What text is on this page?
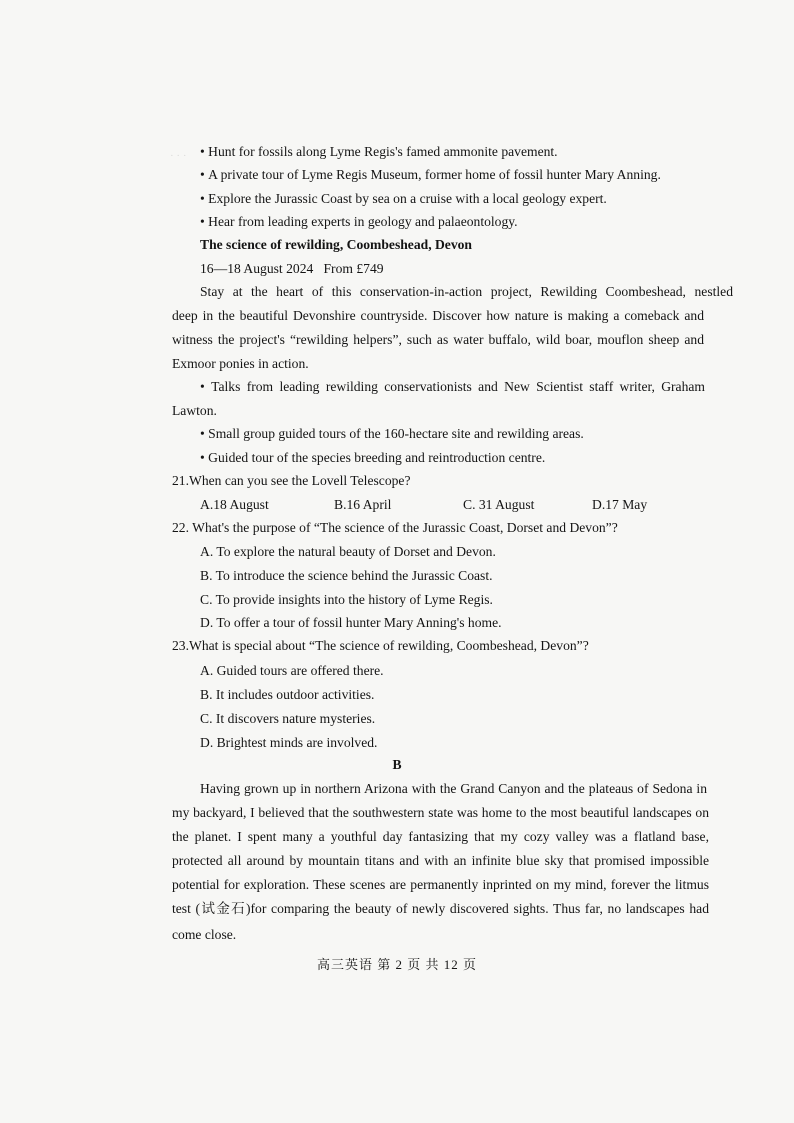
· · ·
•	Hunt for fossils along Lyme Regis's famed ammonite pavement.
• A private tour of Lyme Regis Museum, former home of fossil hunter Mary Anning.
• Explore the Jurassic Coast by sea on a cruise with a local geology expert.
• Hear from leading experts in geology and palaeontology.
The science of rewilding, Coombeshead, Devon
16—18 August 2024 From £749
Stay at the heart of this conservation-in-action project, Rewilding Coombeshead, nestled
deep in the beautiful Devonshire countryside. Discover how nature is making a comeback and
witness the project's “rewilding helpers”, such as water buffalo, wild boar, mouflon sheep and
Exmoor ponies in action.
• Talks from leading rewilding conservationists and New Scientist staff writer, Graham
Lawton.
• Small group guided tours of the 160-hectare site and rewilding areas.
• Guided tour of the species breeding and reintroduction centre.
21.When can you see the Lovell Telescope?
A.18 August	B.16 April	C. 31 August	D.17 May
22. What's the purpose of “The science of the Jurassic Coast, Dorset and Devon”?
A. To explore the natural beauty of Dorset and Devon.
B. To introduce the science behind the Jurassic Coast.
C. To provide insights into the history of Lyme Regis.
D. To offer a tour of fossil hunter Mary Anning's home.
23.What is special about “The science of rewilding, Coombeshead, Devon”?
A. Guided tours are offered there.
B. It includes outdoor activities.
C. It discovers nature mysteries.
D. Brightest minds are involved.
B
Having grown up in northern Arizona with the Grand Canyon and the plateaus of Sedona in
my backyard, I believed that the southwestern state was home to the most beautiful landscapes on
the planet. I spent many a youthful day fantasizing that my cozy valley was a flatland base,
protected all around by mountain titans and with an infinite blue sky that promised impossible
potential for exploration. These scenes are permanently inprinted on my mind, forever the litmus
test (试金石)for comparing the beauty of newly discovered sights. Thus far, no landscapes had
come close.
高三英语 第 2 页 共 12 页
